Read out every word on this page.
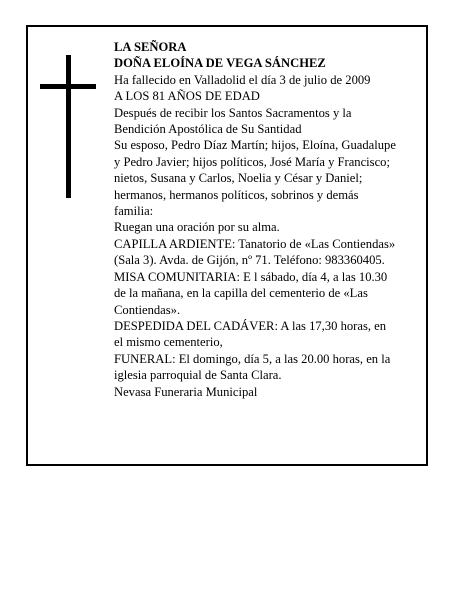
LA SEÑORA
DOÑA ELOÍNA DE VEGA SÁNCHEZ
Ha fallecido en Valladolid el día 3 de julio de 2009
A LOS 81 AÑOS DE EDAD
Después de recibir los Santos Sacramentos y la
Bendición Apostólica de Su Santidad
Su esposo, Pedro Díaz Martín; hijos, Eloína, Guadalupe
y Pedro Javier; hijos políticos, José María y Francisco;
nietos, Susana y Carlos, Noelia y César y Daniel;
hermanos, hermanos políticos, sobrinos y demás
familia:
Ruegan una oración por su alma.
CAPILLA ARDIENTE: Tanatorio de «Las Contiendas»
(Sala 3). Avda. de Gijón, nº 71. Teléfono: 983360405.
MISA COMUNITARIA: E l sábado, día 4, a las 10.30
de la mañana, en la capilla del cementerio de «Las
Contiendas».
DESPEDIDA DEL CADÁVER: A las 17,30 horas, en
el mismo cementerio,
FUNERAL: El domingo, día 5, a las 20.00 horas, en la
iglesia parroquial de Santa Clara.
Nevasa Funeraria Municipal
